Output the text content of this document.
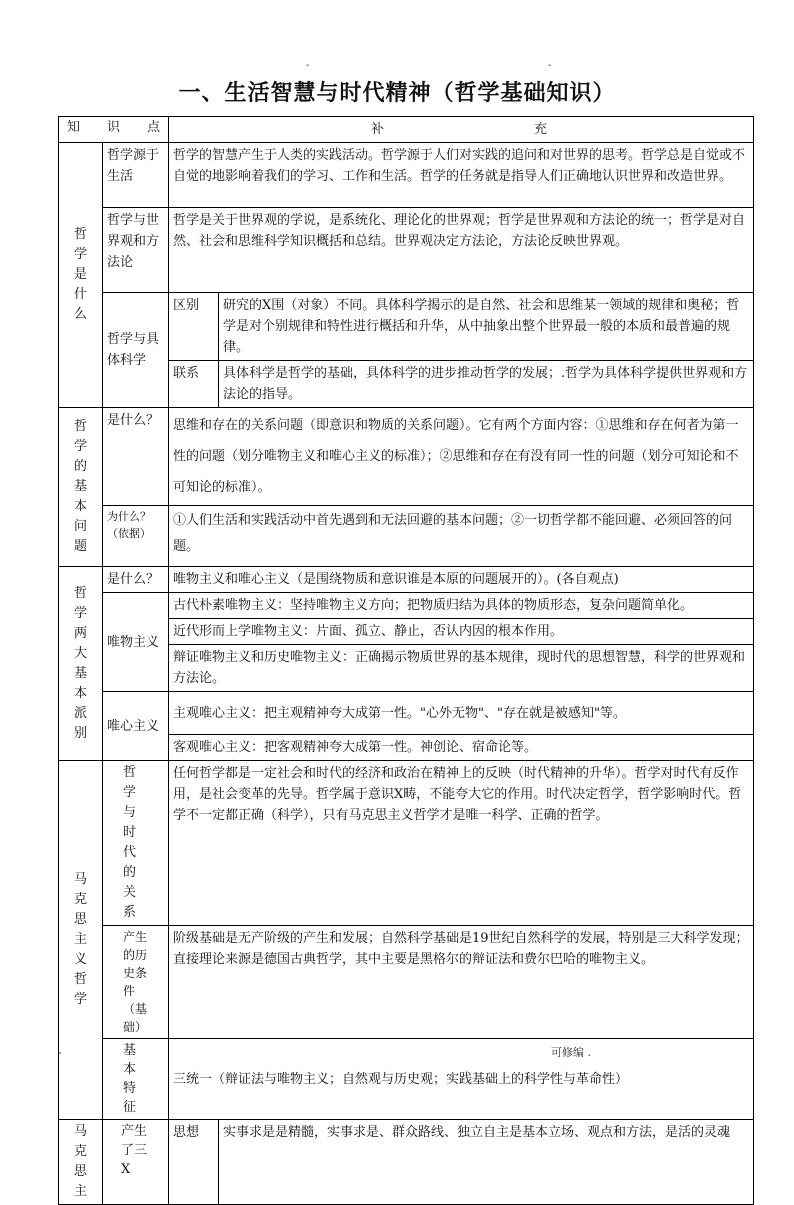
-	-
一、生活智慧与时代精神（哲学基础知识）
知识点		补充	
哲学是什么	哲学源于生活	哲学的智慧产生于人类的实践活动。哲学源于人们对实践的追问和对世界的思考。哲学总是自觉或不自觉的地影响着我们的学习、工作和生活。哲学的任务就是指导人们正确地认识世界和改造世界。	
	哲学与世界观和方法论	哲学是关于世界观的学说，是系统化、理论化的世界观；哲学是世界观和方法论的统一；哲学是对自然、社会和思维科学知识概括和总结。世界观决定方法论，方法论反映世界观。	
	哲学与具体科学	区别	研究的X围（对象）不同。具体科学揭示的是自然、社会和思维某一领域的规律和奥秘；哲学是对个别规律和特性进行概括和升华，从中抽象出整个世界最一般的本质和最普遍的规律。
		联系	具体科学是哲学的基础，具体科学的进步推动哲学的发展；.哲学为具体科学提供世界观和方法论的指导。
哲学的基本问题	是什么？	思维和存在的关系问题（即意识和物质的关系问题）。它有两个方面内容：①思维和存在何者为第一性的问题（划分唯物主义和唯心主义的标准）；②思维和存在有没有同一性的问题（划分可知论和不可知论的标准）。	
	为什么？（依据）	①人们生活和实践活动中首先遇到和无法回避的基本问题；②一切哲学都不能回避、必须回答的问题。	
哲学两大基本派别	是什么？	唯物主义和唯心主义（是围绕物质和意识谁是本原的问题展开的）。(各自观点)	
	唯物主义	古代朴素唯物主义：坚持唯物主义方向；把物质归结为具体的物质形态，复杂问题简单化。	
		近代形而上学唯物主义：片面、孤立、静止，否认内因的根本作用。	
		辩证唯物主义和历史唯物主义：正确揭示物质世界的基本规律，现时代的思想智慧，科学的世界观和方法论。	
	唯心主义	主观唯心主义：把主观精神夸大成第一性。"心外无物"、"存在就是被感知"等。	
		客观唯心主义：把客观精神夸大成第一性。神创论、宿命论等。	
马克思主义哲学	哲学与时代的关系	任何哲学都是一定社会和时代的经济和政治在精神上的反映（时代精神的升华）。哲学对时代有反作用，是社会变革的先导。哲学属于意识X畴，不能夸大它的作用。时代决定哲学，哲学影响时代。哲学不一定都正确（科学），只有马克思主义哲学才是唯一科学、正确的哲学。	
	产生的历史条件（基础）	阶级基础是无产阶级的产生和发展；自然科学基础是19世纪自然科学的发展，特别是三大科学发现；直接理论来源是德国古典哲学，其中主要是黑格尔的辩证法和费尔巴哈的唯物主义。	
	基本特征	三统一（辩证法与唯物主义；自然观与历史观；实践基础上的科学性与革命性）	
马克思主	产生了三X	思想	实事求是是精髓，实事求是、群众路线、独立自主是基本立场、观点和方法，是活的灵魂
-	可修编 .
